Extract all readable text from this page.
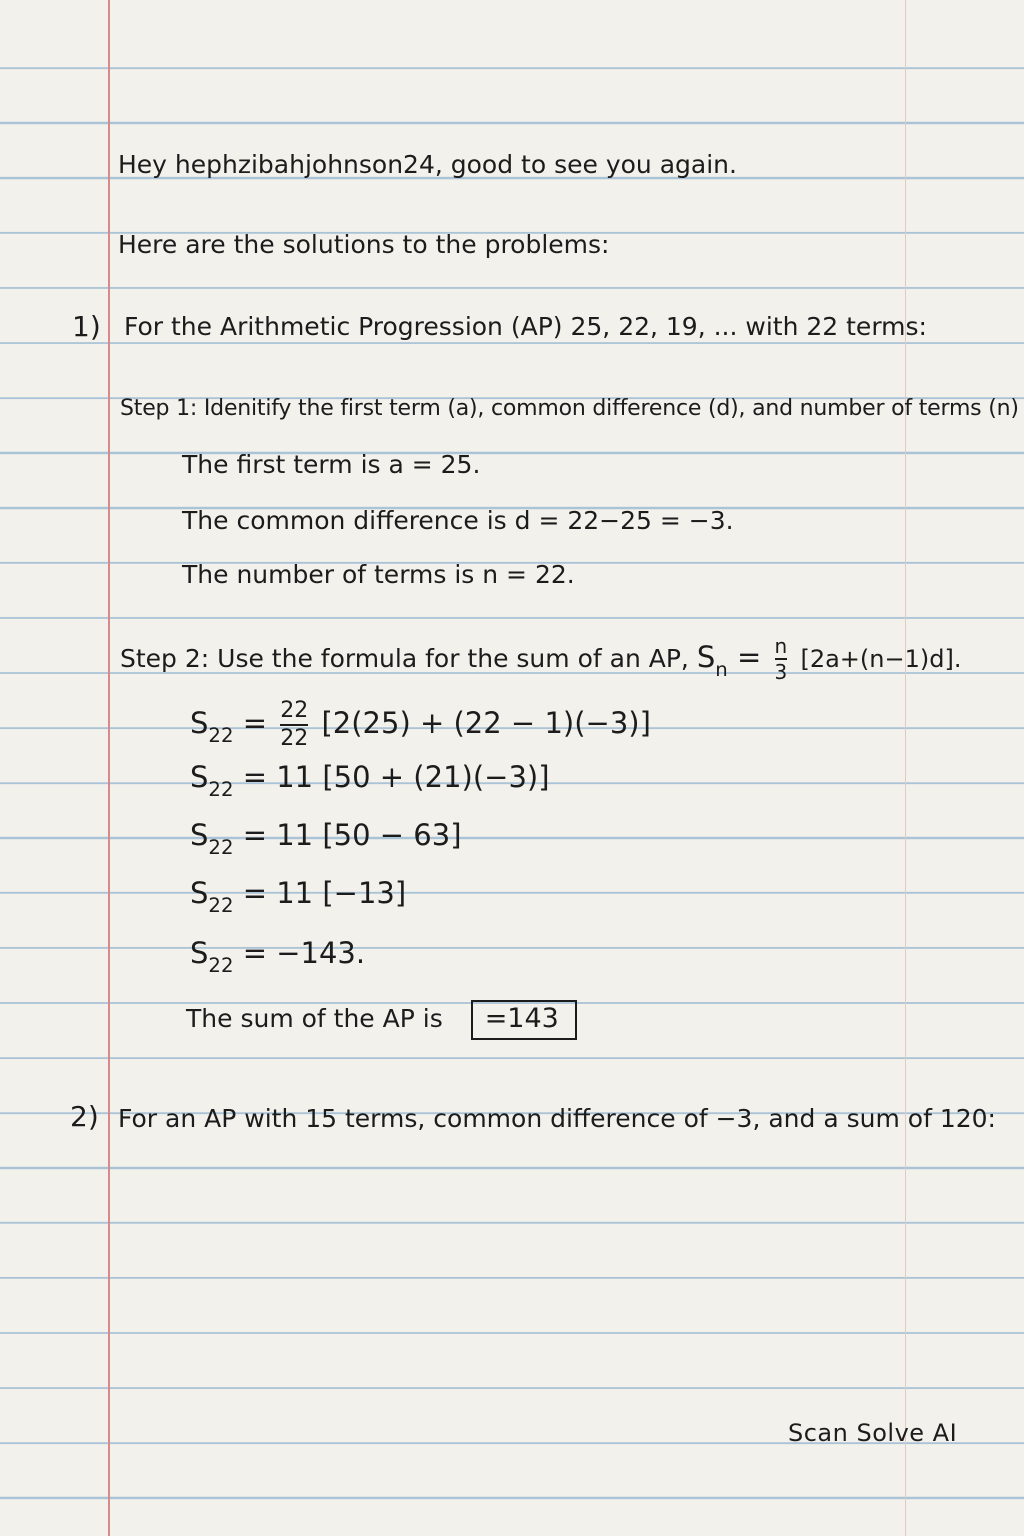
Hey hephzibahjohnson24, good to see you again.
Here are the solutions to the problems:
1) For the Arithmetic Progression (AP) 25, 22, 19, ... with 22 terms:
Step 1: Idenitify the first term (a), common difference (d), and number of terms (n)
The first term is a = 25.
The common difference is d = 22−25 = −3.
The number of terms is n = 22.
Step 2: Use the formula for the sum of an AP, $S_n = \frac{n}{3} [2a+(n-1)d]$.
$S_{22} = \frac{22}{22} [2(25) + (22 - 1)(-3)]$
$S_{22} = 11$ [50 + (21)(−3)]
$S_{22} = 11$ [50 − 63]
$S_{22} = 11$ [−13]
$S_{22} = -143$.
The sum of the AP is =143
2) For an AP with 15 terms, common difference of −3, and a sum of 120:
Scan Solve AI
